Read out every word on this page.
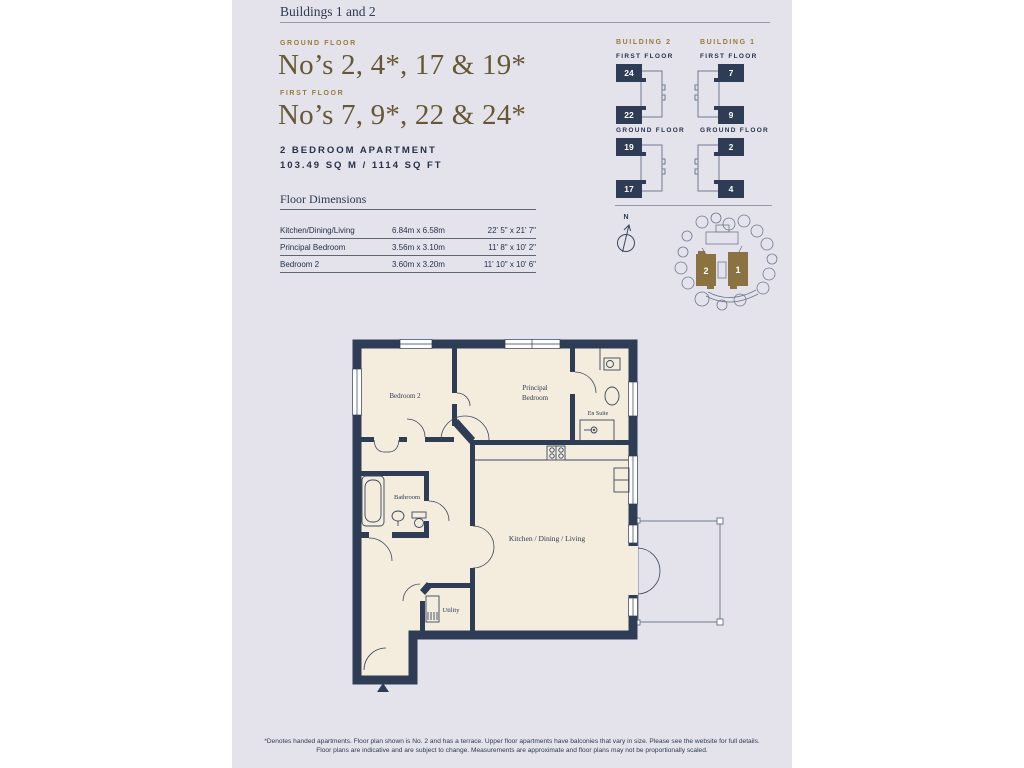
Buildings 1 and 2
GROUND FLOOR
No’s 2, 4*, 17 & 19*
FIRST FLOOR
No’s 7, 9*, 22 & 24*
2 BEDROOM APARTMENT
103.49 SQ M / 1114 SQ FT
Floor Dimensions
Kitchen/Dining/Living	6.84m x 6.58m	22' 5" x 21' 7"
Principal Bedroom	3.56m x 3.10m	11' 8" x 10' 2"
Bedroom 2	3.60m x 3.20m	11' 10" x 10' 6"
BUILDING 2	BUILDING 1
FIRST FLOOR	FIRST FLOOR
24
22
7
9
GROUND FLOOR GROUND FLOOR
19
17
2
4
N
2	1
Bedroom 2
Principal
Bedroom
En Suite
Bathroom
Kitchen / Dining / Living
Utility
*Denotes handed apartments. Floor plan shown is No. 2 and has a terrace. Upper floor apartments have balconies that vary in size. Please see the website for full details.
Floor plans are indicative and are subject to change. Measurements are approximate and floor plans may not be proportionally scaled.
